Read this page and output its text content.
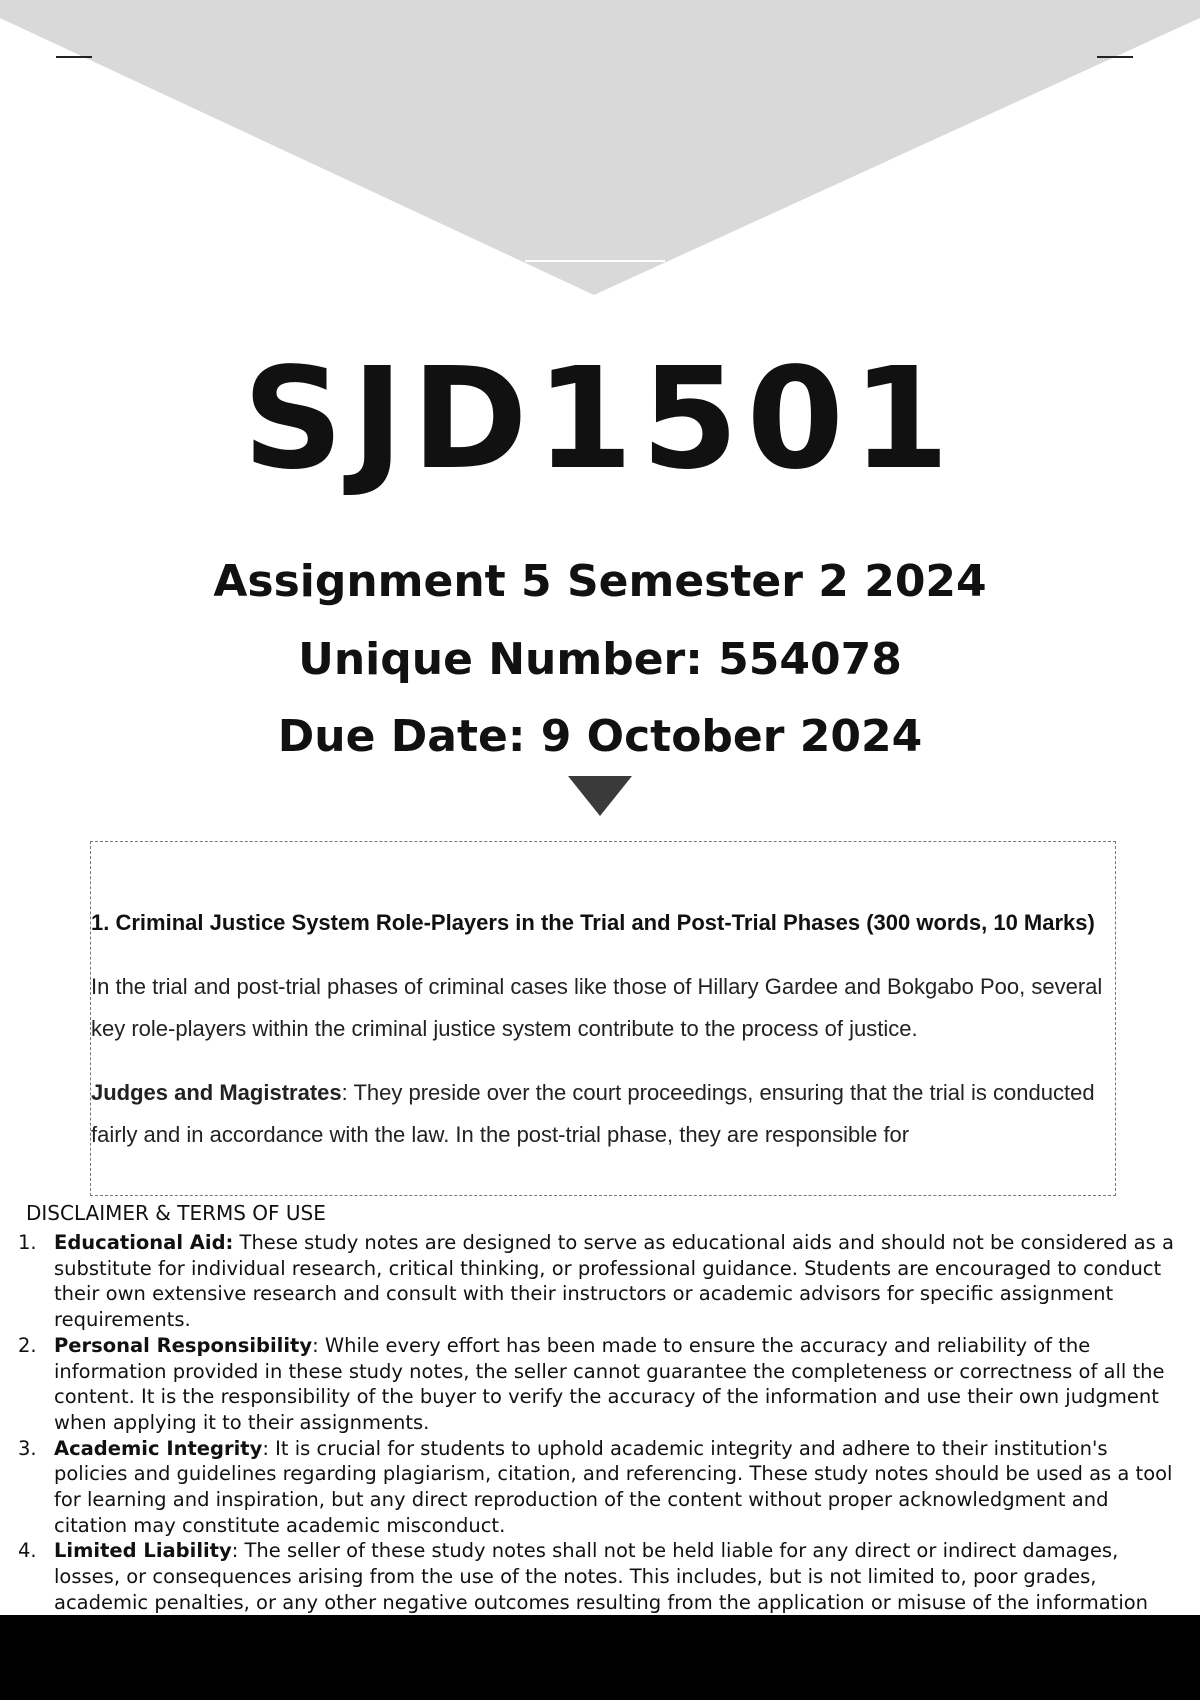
SJD1501

Assignment 5 Semester 2 2024

Unique Number: 554078

Due Date: 9 October 2024

1. Criminal Justice System Role-Players in the Trial and Post-Trial Phases (300 words, 10 Marks)

In the trial and post-trial phases of criminal cases like those of Hillary Gardee and Bokgabo Poo, several key role-players within the criminal justice system contribute to the process of justice.

Judges and Magistrates: They preside over the court proceedings, ensuring that the trial is conducted fairly and in accordance with the law. In the post-trial phase, they are responsible for

DISCLAIMER & TERMS OF USE

1. Educational Aid: These study notes are designed to serve as educational aids and should not be considered as a substitute for individual research, critical thinking, or professional guidance. Students are encouraged to conduct their own extensive research and consult with their instructors or academic advisors for specific assignment requirements.
2. Personal Responsibility: While every effort has been made to ensure the accuracy and reliability of the information provided in these study notes, the seller cannot guarantee the completeness or correctness of all the content. It is the responsibility of the buyer to verify the accuracy of the information and use their own judgment when applying it to their assignments.
3. Academic Integrity: It is crucial for students to uphold academic integrity and adhere to their institution's policies and guidelines regarding plagiarism, citation, and referencing. These study notes should be used as a tool for learning and inspiration, but any direct reproduction of the content without proper acknowledgment and citation may constitute academic misconduct.
4. Limited Liability: The seller of these study notes shall not be held liable for any direct or indirect damages, losses, or consequences arising from the use of the notes. This includes, but is not limited to, poor grades, academic penalties, or any other negative outcomes resulting from the application or misuse of the information
